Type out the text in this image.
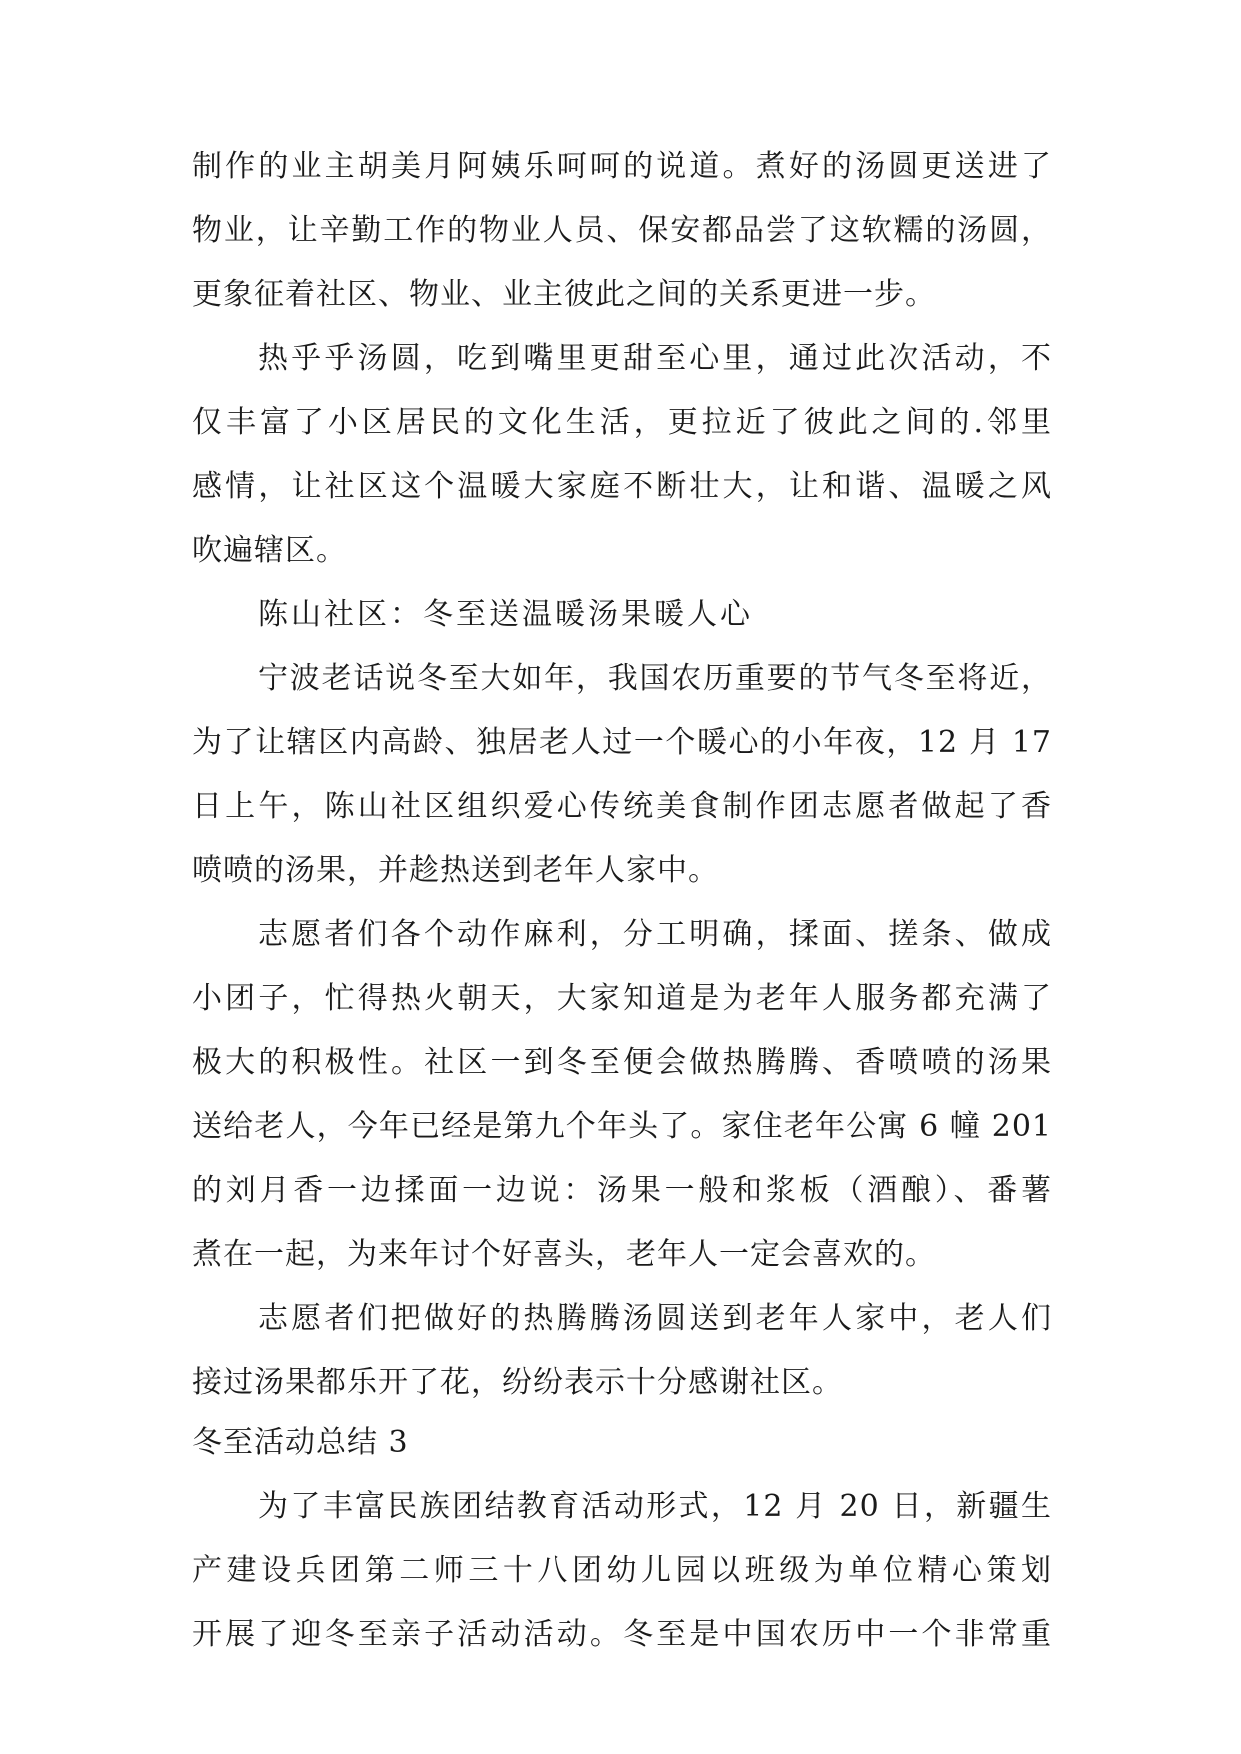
制作的业主胡美月阿姨乐呵呵的说道。煮好的汤圆更送进了

物业，让辛勤工作的物业人员、保安都品尝了这软糯的汤圆，

更象征着社区、物业、业主彼此之间的关系更进一步。

热乎乎汤圆，吃到嘴里更甜至心里，通过此次活动，不

仅丰富了小区居民的文化生活，更拉近了彼此之间的.邻里

感情，让社区这个温暖大家庭不断壮大，让和谐、温暖之风

吹遍辖区。

陈山社区：冬至送温暖汤果暖人心

宁波老话说冬至大如年，我国农历重要的节气冬至将近，

为了让辖区内高龄、独居老人过一个暖心的小年夜，12 月 17

日上午，陈山社区组织爱心传统美食制作团志愿者做起了香

喷喷的汤果，并趁热送到老年人家中。

志愿者们各个动作麻利，分工明确，揉面、搓条、做成

小团子，忙得热火朝天，大家知道是为老年人服务都充满了

极大的积极性。社区一到冬至便会做热腾腾、香喷喷的汤果

送给老人，今年已经是第九个年头了。家住老年公寓 6 幢 201

的刘月香一边揉面一边说：汤果一般和浆板（酒酿）、番薯

煮在一起，为来年讨个好喜头，老年人一定会喜欢的。

志愿者们把做好的热腾腾汤圆送到老年人家中，老人们

接过汤果都乐开了花，纷纷表示十分感谢社区。

冬至活动总结 3

为了丰富民族团结教育活动形式，12 月 20 日，新疆生

产建设兵团第二师三十八团幼儿园以班级为单位精心策划

开展了迎冬至亲子活动活动。冬至是中国农历中一个非常重
